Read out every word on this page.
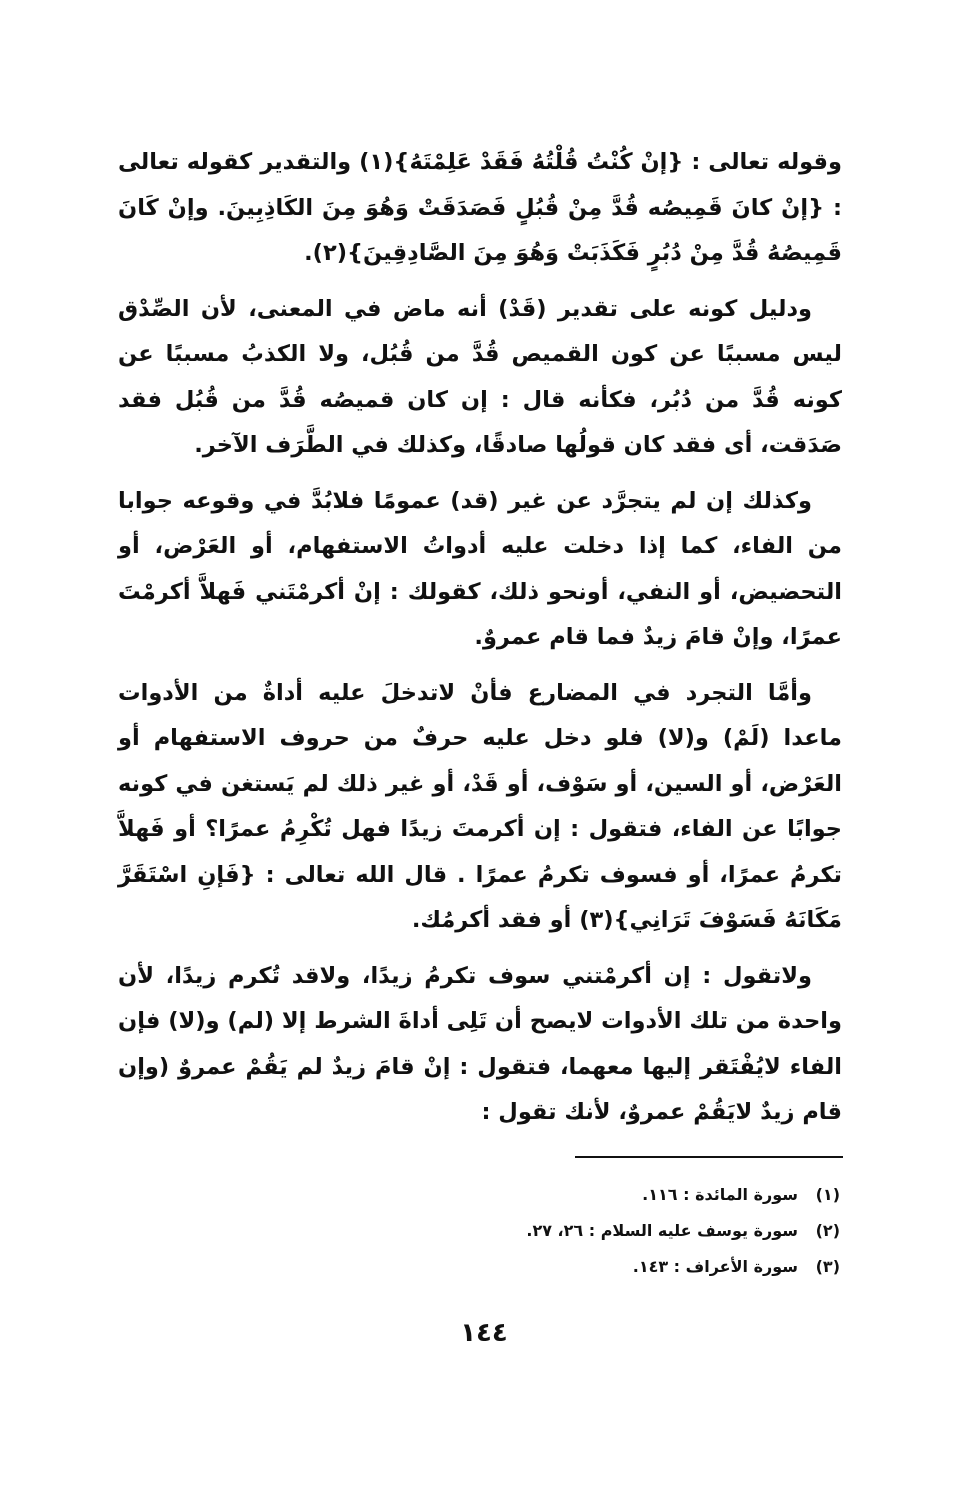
وقوله تعالى : {إنْ كُنْتُ قُلْتُهُ فَقَدْ عَلِمْتَهُ}(١) والتقدير كقوله تعالى : {إنْ كانَ قَمِيصُه قُدَّ مِنْ قُبُلٍ فَصَدَقَتْ وَهُوَ مِنَ الكَاذِبِينَ. وإنْ كَانَ قَمِيصُهُ قُدَّ مِنْ دُبُرٍ فَكَذَبَتْ وَهُوَ مِنَ الصَّادِقِينَ}(٢).

ودليل كونه على تقدير (قَدْ) أنه ماض في المعنى، لأن الصِّدْق ليس مسببًا عن كون القميص قُدَّ من قُبُل، ولا الكذبُ مسببًا عن كونه قُدَّ من دُبُر، فكأنه قال : إن كان قميصُه قُدَّ من قُبُل فقد صَدَقت، أى فقد كان قولُها صادقًا، وكذلك في الطَّرَف الآخر.

وكذلك إن لم يتجرَّد عن غير (قد) عمومًا فلابُدَّ في وقوعه جوابا من الفاء، كما إذا دخلت عليه أدواتُ الاستفهام، أو العَرْض، أو التحضيض، أو النفي، أونحو ذلك، كقولك : إنْ أكرمْتَني فَهلاَّ أكرمْتَ عمرًا، وإنْ قامَ زيدٌ فما قام عمروٌ.

وأمَّا التجرد في المضارع فأنْ لاتدخلَ عليه أداةٌ من الأدوات ماعدا (لَمْ) و(لا) فلو دخل عليه حرفٌ من حروف الاستفهام أو العَرْض، أو السين، أو سَوْف، أو قَدْ، أو غير ذلك لم يَستغن في كونه جوابًا عن الفاء، فتقول : إن أكرمتَ زيدًا فهل تُكْرِمُ عمرًا؟ أو فَهلاَّ تكرمُ عمرًا، أو فسوف تكرمُ عمرًا . قال الله تعالى : {فَإنِ اسْتَقَرَّ مَكَانَهُ فَسَوْفَ تَرَانِي}(٣) أو فقد أكرمُك.

ولاتقول : إن أكرمْتني سوف تكرمُ زيدًا، ولاقد تُكرم زيدًا، لأن واحدة من تلك الأدوات لايصح أن تَلِى أداةَ الشرط إلا (لم) و(لا) فإن الفاء لايُفْتَقر إليها معهما، فتقول : إنْ قامَ زيدٌ لم يَقُمْ عمروٌ (وإن قام زيدٌ لايَقُمْ عمروٌ، لأنك تقول :

(١)
سورة المائدة : ١١٦.
(٢)
سورة يوسف عليه السلام : ٢٦، ٢٧.
(٣)
سورة الأعراف : ١٤٣.
١٤٤
